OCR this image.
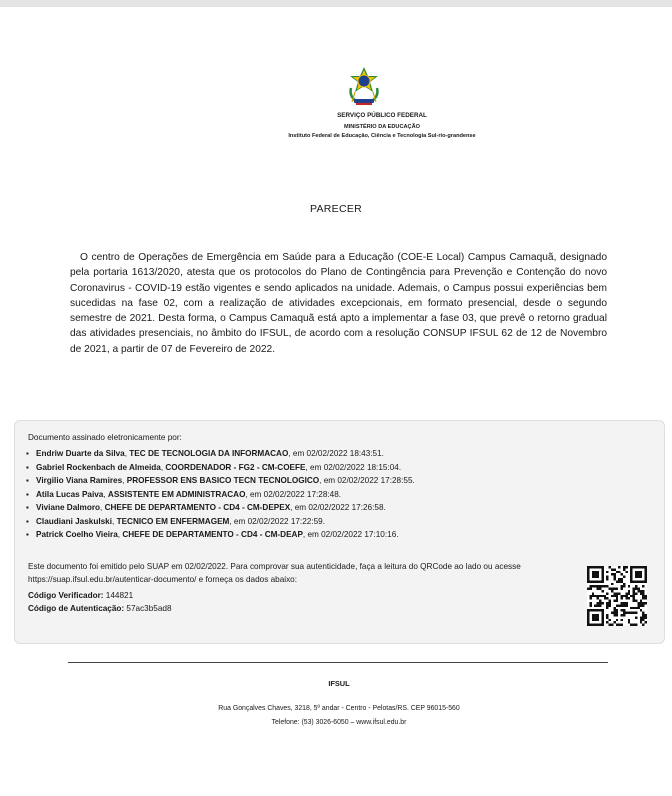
SERVIÇO PÚBLICO FEDERAL
MINISTÉRIO DA EDUCAÇÃO
Instituto Federal de Educação, Ciência e Tecnologia Sul-rio-grandense
PARECER

O centro de Operações de Emergência em Saúde para a Educação (COE-E Local) Campus Camaquã, designado pela portaria 1613/2020, atesta que os protocolos do Plano de Contingência para Prevenção e Contenção do novo Coronavirus - COVID-19 estão vigentes e sendo aplicados na unidade. Ademais, o Campus possui experiências bem sucedidas na fase 02, com a realização de atividades excepcionais, em formato presencial, desde o segundo semestre de 2021. Desta forma, o Campus Camaquã está apto a implementar a fase 03, que prevê o retorno gradual das atividades presenciais, no âmbito do IFSUL, de acordo com a resolução CONSUP IFSUL 62 de 12 de Novembro de 2021, a partir de 07 de Fevereiro de 2022.

Documento assinado eletronicamente por:
▪ Endriw Duarte da Silva, TEC DE TECNOLOGIA DA INFORMACAO, em 02/02/2022 18:43:51.
▪ Gabriel Rockenbach de Almeida, COORDENADOR - FG2 - CM-COEFE, em 02/02/2022 18:15:04.
▪ Virgilio Viana Ramires, PROFESSOR ENS BASICO TECN TECNOLOGICO, em 02/02/2022 17:28:55.
▪ Atila Lucas Paiva, ASSISTENTE EM ADMINISTRACAO, em 02/02/2022 17:28:48.
▪ Viviane Dalmoro, CHEFE DE DEPARTAMENTO - CD4 - CM-DEPEX, em 02/02/2022 17:26:58.
▪ Claudiani Jaskulski, TECNICO EM ENFERMAGEM, em 02/02/2022 17:22:59.
▪ Patrick Coelho Vieira, CHEFE DE DEPARTAMENTO - CD4 - CM-DEAP, em 02/02/2022 17:10:16.
Este documento foi emitido pelo SUAP em 02/02/2022. Para comprovar sua autenticidade, faça a leitura do QRCode ao lado ou acesse
https://suap.ifsul.edu.br/autenticar-documento/ e forneça os dados abaixo:
Código Verificador: 144821
Código de Autenticação: 57ac3b5ad8
IFSUL
Rua Gonçalves Chaves, 3218, 5º andar - Centro - Pelotas/RS. CEP 96015-560
Telefone: (53) 3026-6050 – www.ifsul.edu.br
